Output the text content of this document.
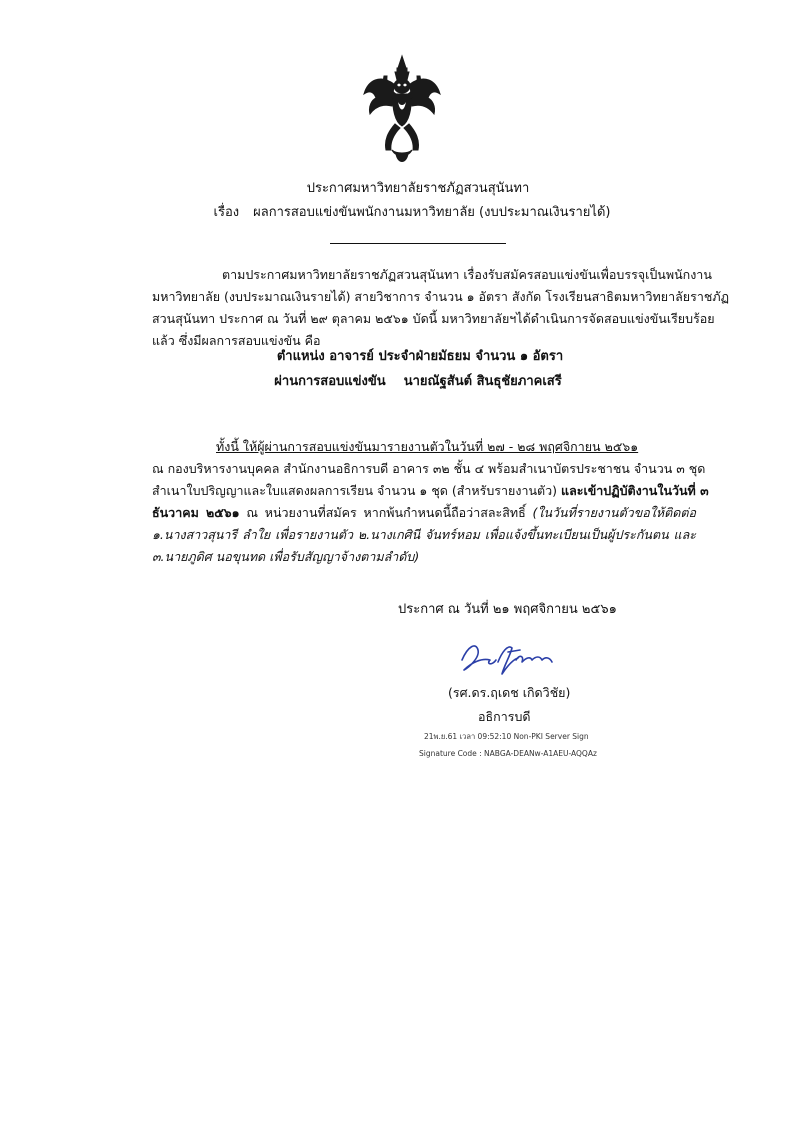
ประกาศมหาวิทยาลัยราชภัฏสวนสุนันทา
เรื่อง ผลการสอบแข่งขันพนักงานมหาวิทยาลัย (งบประมาณเงินรายได้)
ตามประกาศมหาวิทยาลัยราชภัฏสวนสุนันทา เรื่องรับสมัครสอบแข่งขันเพื่อบรรจุเป็นพนักงาน
มหาวิทยาลัย (งบประมาณเงินรายได้) สายวิชาการ จำนวน ๑ อัตรา สังกัด โรงเรียนสาธิตมหาวิทยาลัยราชภัฏ
สวนสุนันทา ประกาศ ณ วันที่ ๒๙ ตุลาคม ๒๕๖๑ บัดนี้ มหาวิทยาลัยฯได้ดำเนินการจัดสอบแข่งขันเรียบร้อย
แล้ว ซึ่งมีผลการสอบแข่งขัน คือ
ตำแหน่ง อาจารย์ ประจำฝ่ายมัธยม จำนวน ๑ อัตรา
ผ่านการสอบแข่งขัน นายณัฐสันต์ สินธุชัยภาคเสรี
ทั้งนี้ ให้ผู้ผ่านการสอบแข่งขันมารายงานตัวในวันที่ ๒๗ - ๒๘ พฤศจิกายน ๒๕๖๑
ณ กองบริหารงานบุคคล สำนักงานอธิการบดี อาคาร ๓๒ ชั้น ๔ พร้อมสำเนาบัตรประชาชน จำนวน ๓ ชุด
สำเนาใบปริญญาและใบแสดงผลการเรียน จำนวน ๑ ชุด (สำหรับรายงานตัว) และเข้าปฏิบัติงานในวันที่ ๓
ธันวาคม ๒๕๖๑ ณ หน่วยงานที่สมัคร หากพ้นกำหนดนี้ถือว่าสละสิทธิ์ (ในวันที่รายงานตัวขอให้ติดต่อ
๑.นางสาวสุนารี ลำใย เพื่อรายงานตัว ๒.นางเกศินี จันทร์หอม เพื่อแจ้งขึ้นทะเบียนเป็นผู้ประกันตน และ
๓.นายภูดิศ นอขุนทด เพื่อรับสัญญาจ้างตามลำดับ)
ประกาศ ณ วันที่ ๒๑ พฤศจิกายน ๒๕๖๑
(รศ.ดร.ฤเดช เกิดวิชัย)
อธิการบดี
21พ.ย.61 เวลา 09:52:10 Non-PKI Server Sign
Signature Code : NABGA-DEANw-A1AEU-AQQAz
